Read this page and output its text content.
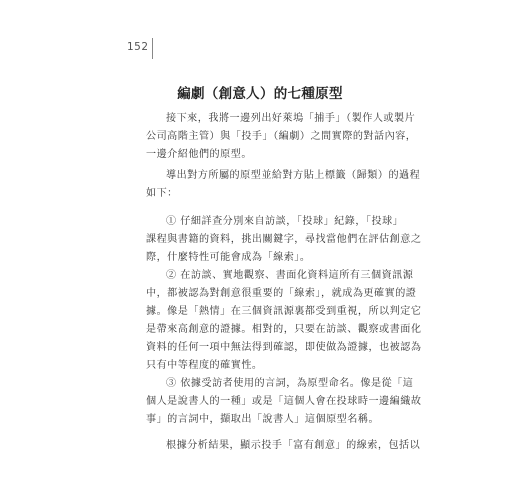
152
編劇（創意人）的七種原型
接下來，我將一邊列出好萊塢「捕手」（製作人或製片
公司高階主管）與「投手」（編劇）之間實際的對話內容，
一邊介紹他們的原型。
導出對方所屬的原型並給對方貼上標籤（歸類）的過程
如下：
① 仔細詳查分別來自訪談，「投球」紀錄，「投球」
課程與書籍的資料，挑出關鍵字，尋找當他們在評估創意之
際，什麼特性可能會成為「線索」。
② 在訪談、實地觀察、書面化資料這所有三個資訊源
中，都被認為對創意很重要的「線索」，就成為更確實的證
據。像是「熱情」在三個資訊源裏都受到重視，所以判定它
是帶來高創意的證據。相對的，只要在訪談、觀察或書面化
資料的任何一項中無法得到確認，即使做為證據，也被認為
只有中等程度的確實性。
③ 依據受訪者使用的言詞，為原型命名。像是從「這
個人是說書人的一種」或是「這個人會在投球時一邊編織故
事」的言詞中，擷取出「說書人」這個原型名稱。
根據分析結果，顯示投手「富有創意」的線索，包括以
